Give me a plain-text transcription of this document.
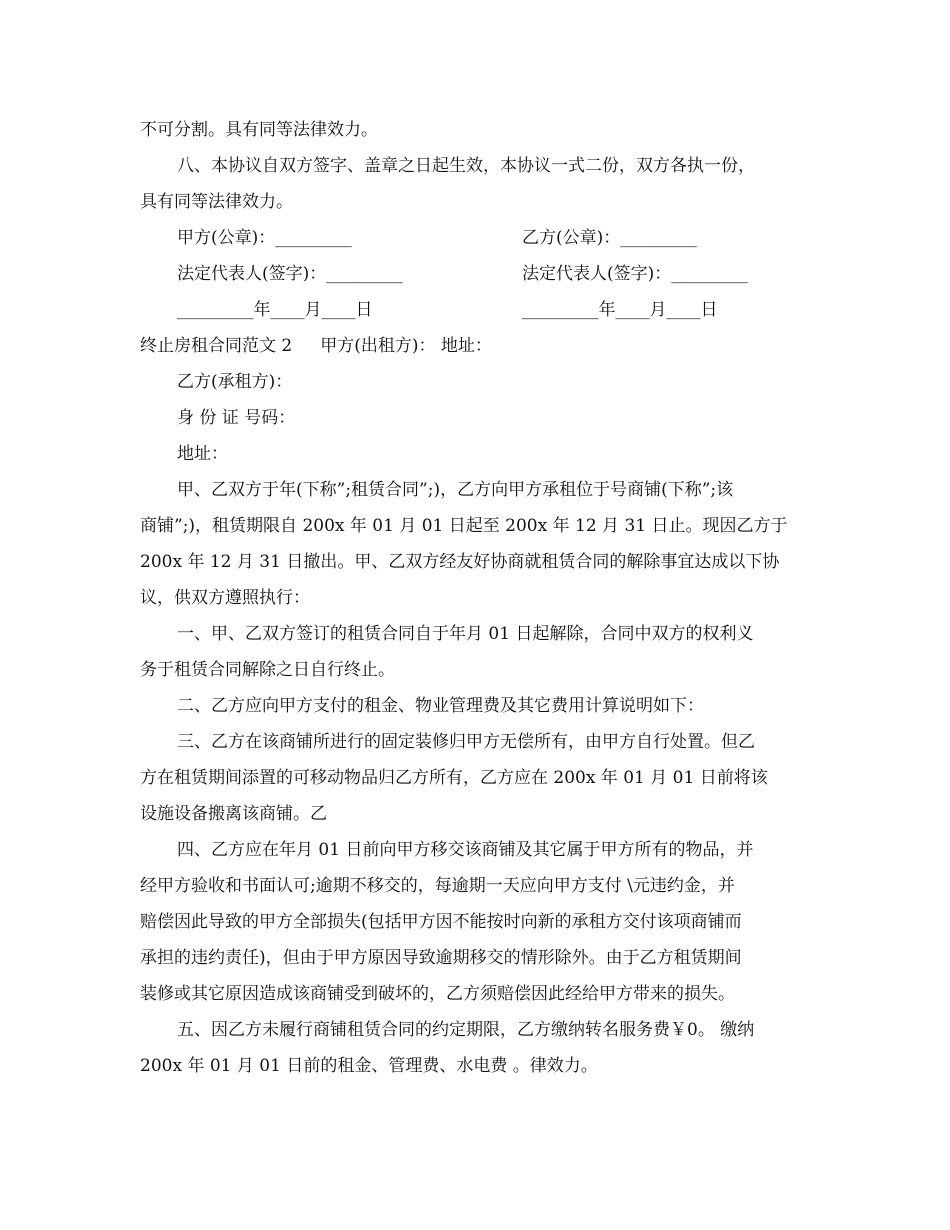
不可分割。具有同等法律效力。
八、本协议自双方签字、盖章之日起生效，本协议一式二份，双方各执一份，
具有同等法律效力。
甲方(公章)：_________	乙方(公章)：_________
法定代表人(签字)：_________	法定代表人(签字)：_________
_________年____月____日	_________年____月____日
终止房租合同范文 2 甲方(出租方)： 地址：
乙方(承租方)：
身 份 证 号码：
地址：
甲、乙双方于年(下称”;租赁合同”;)，乙方向甲方承租位于号商铺(下称”;该
商铺”;)，租赁期限自 200x 年 01 月 01 日起至 200x 年 12 月 31 日止。现因乙方于
200x 年 12 月 31 日撤出。甲、乙双方经友好协商就租赁合同的解除事宜达成以下协
议，供双方遵照执行：
一、甲、乙双方签订的租赁合同自于年月 01 日起解除，合同中双方的权利义
务于租赁合同解除之日自行终止。
二、乙方应向甲方支付的租金、物业管理费及其它费用计算说明如下：
三、乙方在该商铺所进行的固定装修归甲方无偿所有，由甲方自行处置。但乙
方在租赁期间添置的可移动物品归乙方所有，乙方应在 200x 年 01 月 01 日前将该
设施设备搬离该商铺。乙
四、乙方应在年月 01 日前向甲方移交该商铺及其它属于甲方所有的物品，并
经甲方验收和书面认可;逾期不移交的，每逾期一天应向甲方支付 \元违约金，并
赔偿因此导致的甲方全部损失(包括甲方因不能按时向新的承租方交付该项商铺而
承担的违约责任)，但由于甲方原因导致逾期移交的情形除外。由于乙方租赁期间
装修或其它原因造成该商铺受到破坏的，乙方须赔偿因此经给甲方带来的损失。
五、因乙方未履行商铺租赁合同的约定期限，乙方缴纳转名服务费￥0。 缴纳
200x 年 01 月 01 日前的租金、管理费、水电费 。律效力。
